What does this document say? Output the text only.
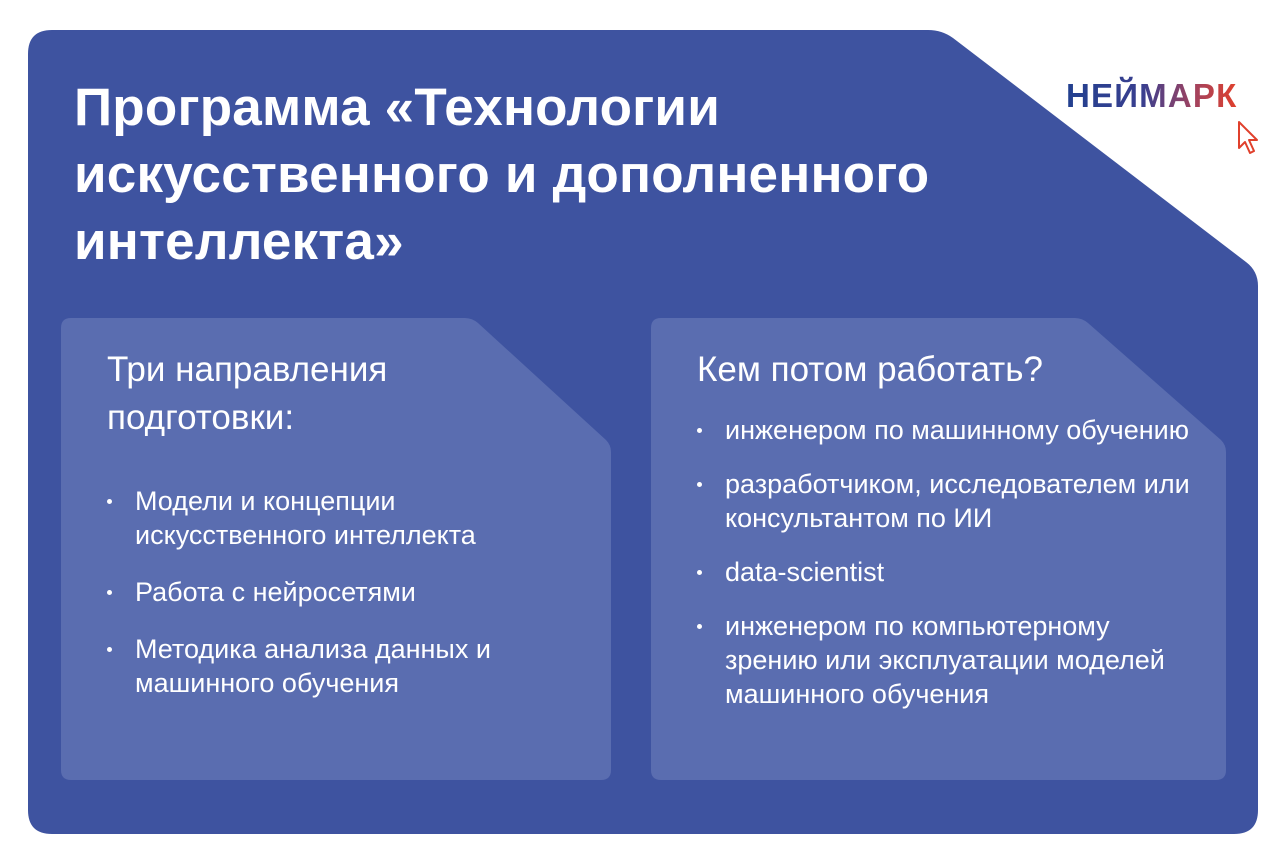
Программа «Технологии искусственного и дополненного интеллекта»
НЕЙМАРК
Три направления подготовки:
Модели и концепции искусственного интеллекта
Работа с нейросетями
Методика анализа данных и машинного обучения
Кем потом работать?
инженером по машинному обучению
разработчиком, исследователем или консультантом по ИИ
data-scientist
инженером по компьютерному зрению или эксплуатации моделей машинного обучения
